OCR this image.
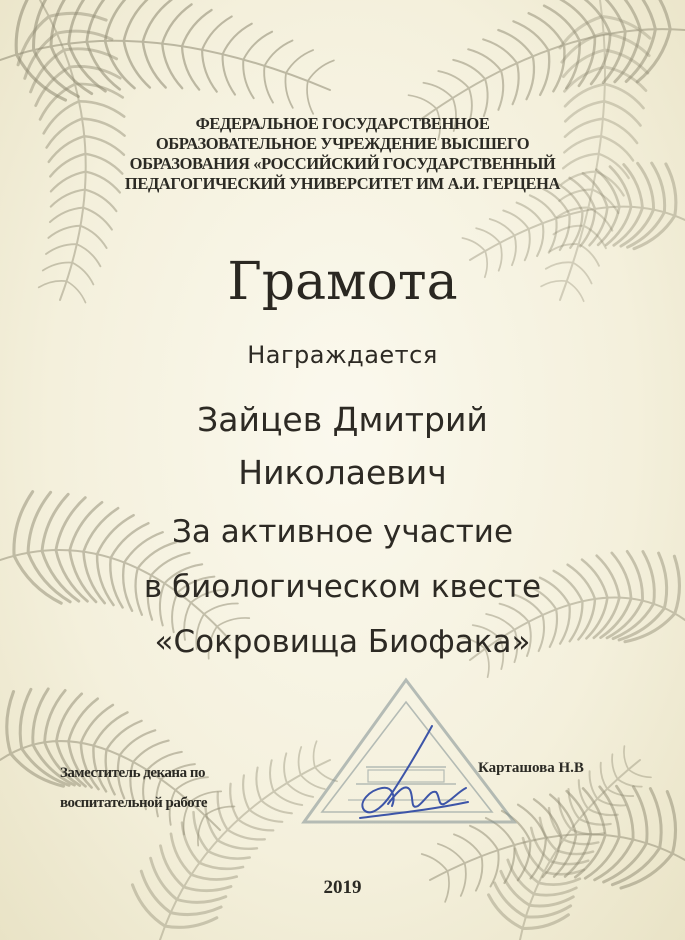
ФЕДЕРАЛЬНОЕ ГОСУДАРСТВЕННОЕ
ОБРАЗОВАТЕЛЬНОЕ УЧРЕЖДЕНИЕ ВЫСШЕГО
ОБРАЗОВАНИЯ «РОССИЙСКИЙ ГОСУДАРСТВЕННЫЙ
ПЕДАГОГИЧЕСКИЙ УНИВЕРСИТЕТ ИМ А.И. ГЕРЦЕНА
Грамота
Награждается
Зайцев Дмитрий
Николаевич
За активное участие
в биологическом квесте
«Сокровища Биофака»
Заместитель декана по
воспитательной работе
Карташова Н.В
2019
